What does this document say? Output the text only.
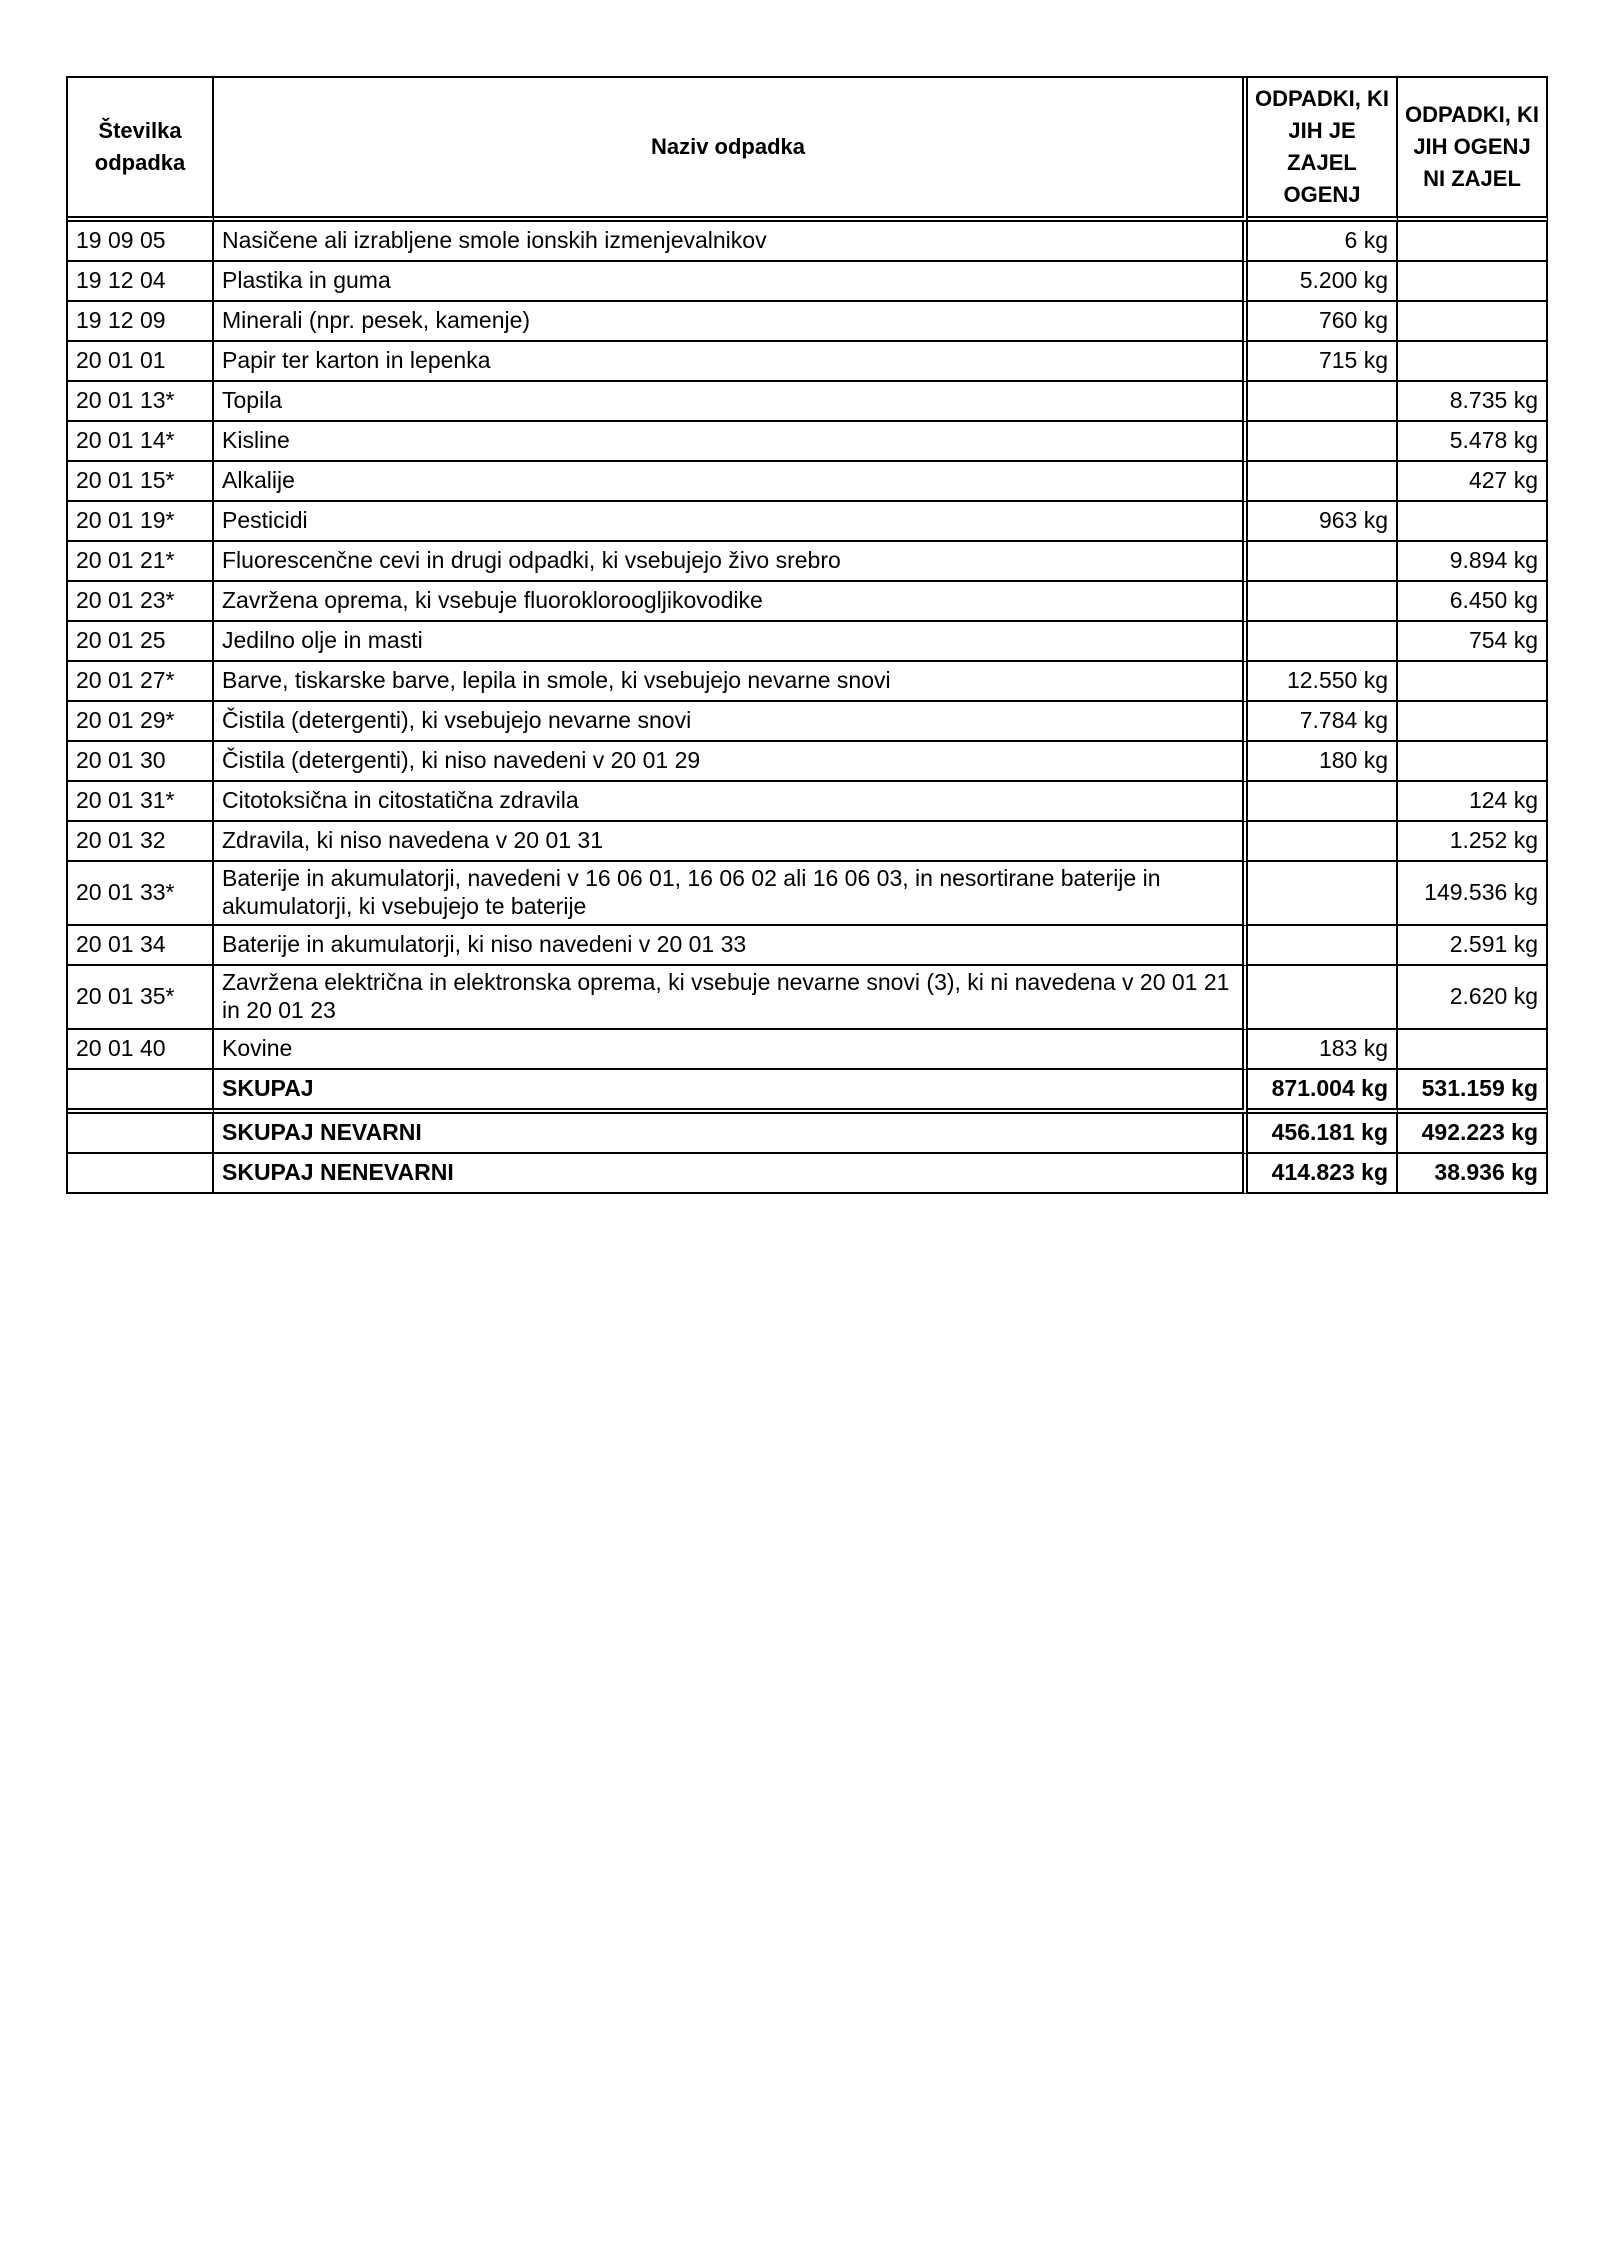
Številka odpadka	Naziv odpadka	ODPADKI, KI JIH JE ZAJEL OGENJ	ODPADKI, KI JIH OGENJ NI ZAJEL
19 09 05	Nasičene ali izrabljene smole ionskih izmenjevalnikov	6 kg	
19 12 04	Plastika in guma	5.200 kg	
19 12 09	Minerali (npr. pesek, kamenje)	760 kg	
20 01 01	Papir ter karton in lepenka	715 kg	
20 01 13*	Topila		8.735 kg
20 01 14*	Kisline		5.478 kg
20 01 15*	Alkalije		427 kg
20 01 19*	Pesticidi	963 kg	
20 01 21*	Fluorescenčne cevi in drugi odpadki, ki vsebujejo živo srebro		9.894 kg
20 01 23*	Zavržena oprema, ki vsebuje fluoroklorooglјikovodike		6.450 kg
20 01 25	Jedilno olje in masti		754 kg
20 01 27*	Barve, tiskarske barve, lepila in smole, ki vsebujejo nevarne snovi	12.550 kg	
20 01 29*	Čistila (detergenti), ki vsebujejo nevarne snovi	7.784 kg	
20 01 30	Čistila (detergenti), ki niso navedeni v 20 01 29	180 kg	
20 01 31*	Citotoksična in citostatična zdravila		124 kg
20 01 32	Zdravila, ki niso navedena v 20 01 31		1.252 kg
20 01 33*	Baterije in akumulatorji, navedeni v 16 06 01, 16 06 02 ali 16 06 03, in nesortirane baterije in akumulatorji, ki vsebujejo te baterije		149.536 kg
20 01 34	Baterije in akumulatorji, ki niso navedeni v 20 01 33		2.591 kg
20 01 35*	Zavržena električna in elektronska oprema, ki vsebuje nevarne snovi (3), ki ni navedena v 20 01 21 in 20 01 23		2.620 kg
20 01 40	Kovine	183 kg	
	SKUPAJ	871.004 kg	531.159 kg
	SKUPAJ NEVARNI	456.181 kg	492.223 kg
	SKUPAJ NENEVARNI	414.823 kg	38.936 kg
